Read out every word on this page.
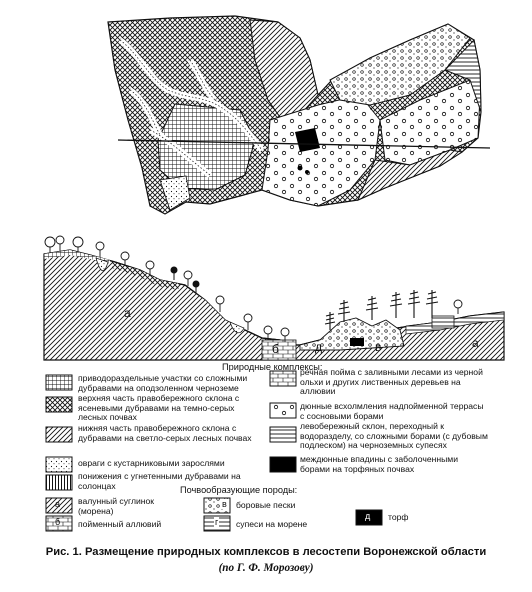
а
б	д	в	а
Природные комплексы:
Почвообразующие породы:
приводораздельные участки со сложными дубравами на оподзоленном черноземе
верхняя часть правобережного склона с ясеневыми дубравами на темно-серых лесных почвах
нижняя часть правобережного склона с дубравами на светло-серых лесных почвах
овраги с кустарниковыми зарослями
понижения с угнетенными дубравами на солонцах
речная пойма с заливными лесами из черной ольхи и других лиственных деревьев на аллювии
дюнные всхолмления надпойменной террасы с сосновыми борами
левобережный склон, переходный к водоразделу, со сложными борами (с дубовым подлеском) на черноземных супесях
междюнные впадины с заболоченными борами на торфяных почвах
а
б
в
г
д
валунный суглинок (морена)
пойменный аллювий
боровые пески
супеси на морене
торф
Рис. 1. Размещение природных комплексов в лесостепи Воронежской области
(по Г. Ф. Морозову)
